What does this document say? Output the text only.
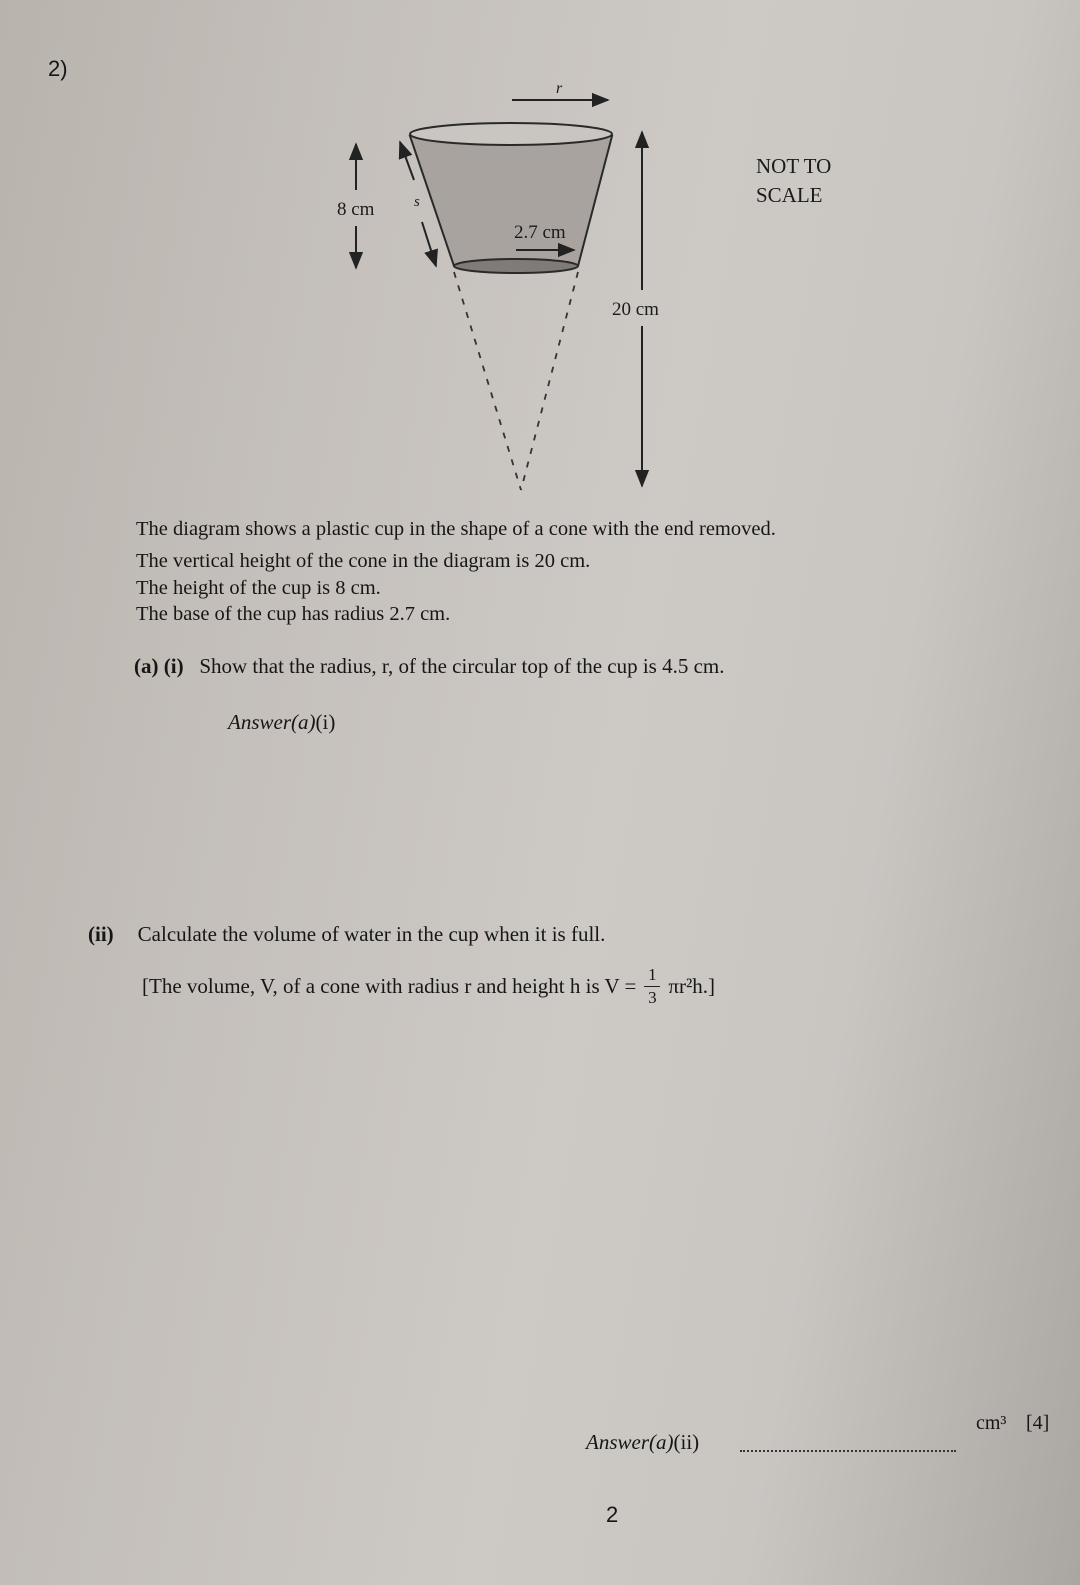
2)
r
8 cm	s
2.7 cm
20 cm
NOT TO
SCALE
The diagram shows a plastic cup in the shape of a cone with the end removed.
The vertical height of the cone in the diagram is 20 cm.
The height of the cup is 8 cm.
The base of the cup has radius 2.7 cm.
(a) (i) Show that the radius, r, of the circular top of the cup is 4.5 cm.
Answer(a)(i)
(ii) Calculate the volume of water in the cup when it is full.
[The volume, V, of a cone with radius r and height h is $V = \frac{1}{3} \pi r^2h$.]
Answer(a)(ii)
cm³ [4]
2
